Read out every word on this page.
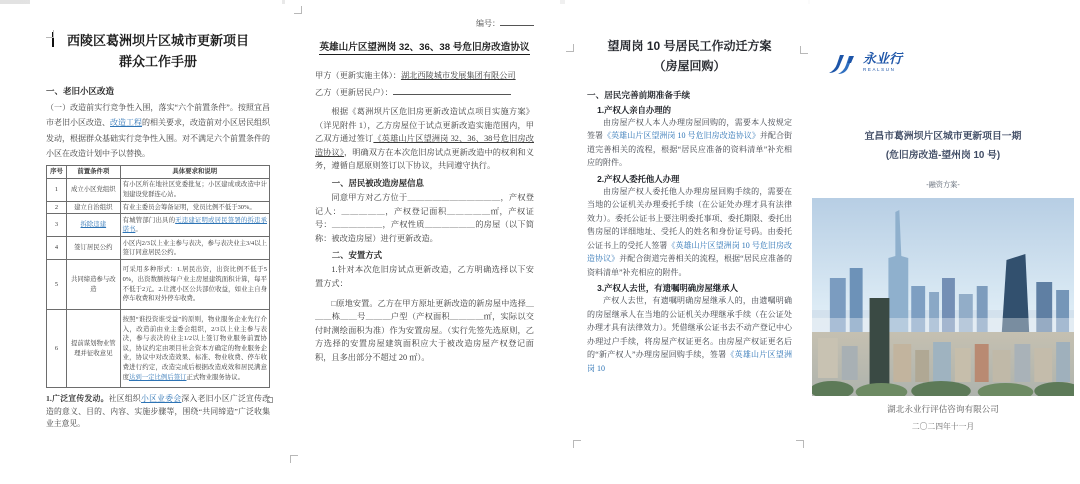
西陵区葛洲坝片区城市更新项目
群众工作手册
一、老旧小区改造
（一）改造前实行竞争性入围，落实“六个前置条件”。按照宜昌市老旧小区改造、改造工程的相关要求，改造前对小区居民组织发动，根据群众基础实行竞争性入围。对不满足六个前置条件的小区在改造计划中予以替换。
序号	前置条件项	具体要求和说明
1	成立小区党组织	有小区所在地社区党委批复；小区建成或改造中计划建设党群连心站。
2	建立自治组织	有业主委员会筹备证明，党员比例不低于30%。
3	拆除违建	有城管部门出具的无违建证明或居民签署的拆违承诺书。
4	签订居民公约	小区内2/3以上业主参与表决，参与表决业主3/4以上签订同意居民公约。
5	共同缔造参与改造	可采用多种形式：1.居民出资，出资比例不低于50%，出资数额按每户业主房屋建筑面积计算，每平不低于2元。2.让渡小区公共部位收益，如业主自身停车收费和对外停车收费。
6	提前谋划物业管理并征收意见	按照“谁投资谁受益”的原则，物业服务企业先行介入，改造前由业主委会组织，2/3以上业主参与表决，参与表决的业主1/2以上签订物业服务前置协议，协议约定由项目社会资本方确定的物业服务企业，协议中对改造效果、标准、物业收费、停车收费进行约定，改造完成后根据改造成效和居民满意度达到一定比例后签订正式物业服务协议。
1.广泛宣传发动。社区组织小区业委会深入老旧小区广泛宣传改造的意义、目的、内容、实施步骤等，围绕“共同缔造”广泛收集业主意见。
编号：
英雄山片区望洲岗 32、36、38 号危旧房改造协议
甲方（更新实施主体）：湖北西陵城市发展集团有限公司
乙方（更新居民户）：
根据《葛洲坝片区危旧房更新改造试点项目实施方案》（详见附件 1），乙方房屋位于试点更新改造实施范围内，甲乙双方通过签订《英雄山片区望洲岗 32、36、38号危旧房改造协议》，明确双方在本次危旧房试点更新改造中的权利和义务，遵循自愿原则签订以下协议，共同遵守执行。
一、居民被改造房屋信息
同意甲方对乙方位于＿＿＿＿＿＿＿＿＿＿＿，产权登记人：＿＿＿＿＿，产权登记面积＿＿＿＿＿㎡，产权证号：＿＿＿＿＿＿，产权性质＿＿＿＿＿＿的房屋（以下简称：被改造房屋）进行更新改造。
二、安置方式
1.针对本次危旧房试点更新改造，乙方明确选择以下安置方式：
□原地安置。乙方在甲方原址更新改造的新房屋中选择＿＿＿栋＿＿号＿＿＿户型（产权面积＿＿＿＿㎡，实际以交付时测绘面积为准）作为安置房屋。（实行先签先选原则，乙方选择的安置房屋建筑面积应大于被改造房屋产权登记面积，且多出部分不超过 20 ㎡）。
望周岗 10 号居民工作动迁方案
（房屋回购）
一、居民完善前期准备手续
1.产权人亲自办理的
由房屋产权人本人办理房屋回购的，需要本人按规定签署《英雄山片区望洲岗 10 号危旧房改造协议》并配合街道完善相关的流程，根据“居民应准备的资料清单”补充相应的附件。
2.产权人委托他人办理
由房屋产权人委托他人办理房屋回购手续的，需要在当地的公证机关办理委托手续（在公证处办理才具有法律效力）。委托公证书上要注明委托事项、委托期限、委托出售房屋的详细地址、受托人的姓名和身份证号码。由委托公证书上的受托人签署《英雄山片区望洲岗 10 号危旧房改造协议》并配合街道完善相关的流程，根据“居民应准备的资料清单”补充相应的附件。
3.产权人去世，有遗嘱明确房屋继承人
产权人去世，有遗嘱明确房屋继承人的，由遗嘱明确的房屋继承人在当地的公证机关办理继承手续（在公证处办理才具有法律效力）。凭借继承公证书去不动产登记中心办理过户手续，将房屋产权证更名。由房屋产权证更名后的“新产权人”办理房屋回购手续，签署《英雄山片区望洲岗 10
永业行
REALSUN
宜昌市葛洲坝片区城市更新项目一期
(危旧房改造-望州岗 10 号)
-融资方案-
湖北永业行评估咨询有限公司
二〇二四年十一月
